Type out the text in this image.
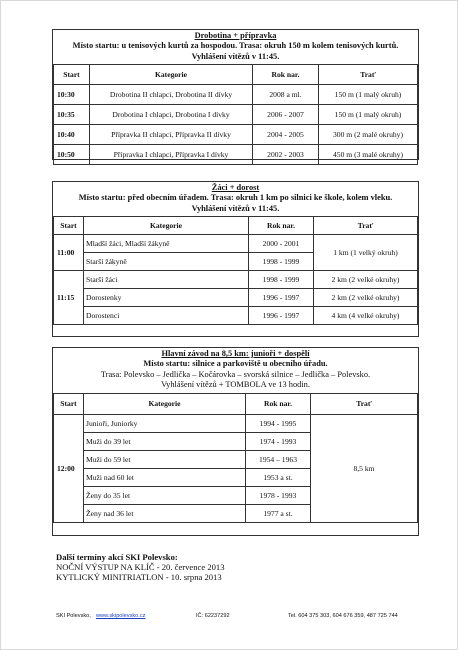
Drobotina + přípravka
Místo startu: u tenisových kurtů za hospodou. Trasa: okruh 150 m kolem tenisových kurtů.
Vyhlášení vítězů v 11:45.
Start	Kategorie	Rok nar.	Trať
10:30	Drobotina II chlapci, Drobotina II dívky	2008 a ml.	150 m (1 malý okruh)
10:35	Drobotina I chlapci, Drobotina I dívky	2006 - 2007	150 m (1 malý okruh)
10:40	Přípravka II chlapci, Přípravka II dívky	2004 - 2005	300 m (2 malé okruhy)
10:50	Přípravka I chlapci, Přípravka I dívky	2002 - 2003	450 m (3 malé okruhy)
Žáci + dorost
Místo startu: před obecním úřadem. Trasa: okruh 1 km po silnici ke škole, kolem vleku.
Vyhlášení vítězů v 11:45.
Start	Kategorie	Rok nar.	Trať
11:00	Mladší žáci, Mladší žákyně	2000 - 2001	1 km (1 velký okruh)
	Starší žákyně	1998 - 1999	
11:15	Starší žáci	1998 - 1999	2 km (2 velké okruhy)
	Dorostenky	1996 - 1997	2 km (2 velké okruhy)
	Dorostenci	1996 - 1997	4 km (4 velké okruhy)
Hlavní závod na 8,5 km: junioři + dospělí
Místo startu: silnice a parkoviště u obecního úřadu.
Trasa: Polevsko – Jedlička – Kočárovka – svorská silnice – Jedlička – Polevsko.
Vyhlášení vítězů + TOMBOLA ve 13 hodin.
Start	Kategorie	Rok nar.	Trať
12:00	Junioři, Juniorky	1994 - 1995	8,5 km
	Muži do 39 let	1974 - 1993	
	Muži do 59 let	1954 – 1963	
	Muži nad 60 let	1953 a st.	
	Ženy do 35 let	1978 - 1993	
	Ženy nad 36 let	1977 a st.	
Další termíny akcí SKI Polevsko:
NOČNÍ VÝSTUP NA KLÍČ - 20. července 2013
KYTLICKÝ MINITRIATLON - 10. srpna 2013
SKI Polevsko, www.skipolevsko.cz	IČ: 62237292	Tel. 604 375 303, 604 676 359, 487 725 744
